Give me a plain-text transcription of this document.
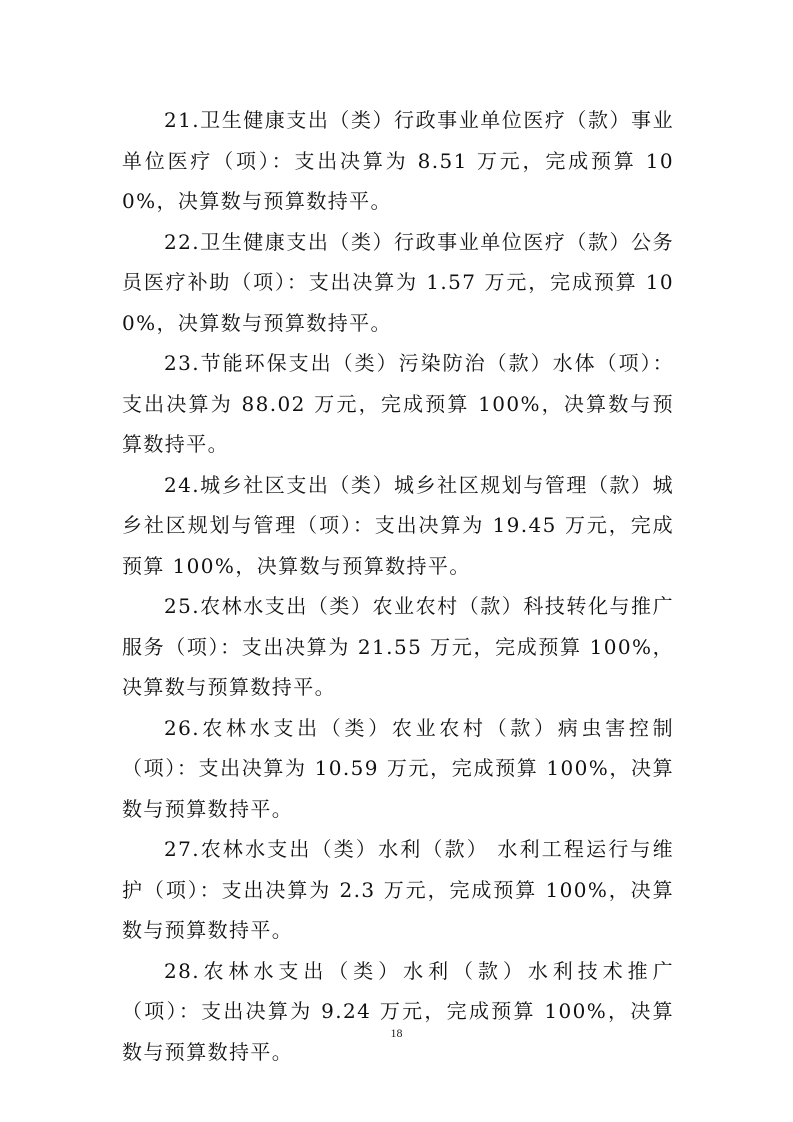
21.卫生健康支出（类）行政事业单位医疗（款）事业单位医疗（项）：支出决算为 8.51 万元，完成预算 100%，决算数与预算数持平。

22.卫生健康支出（类）行政事业单位医疗（款）公务员医疗补助（项）：支出决算为 1.57 万元，完成预算 100%，决算数与预算数持平。

23.节能环保支出（类）污染防治（款）水体（项）：支出决算为 88.02 万元，完成预算 100%，决算数与预算数持平。

24.城乡社区支出（类）城乡社区规划与管理（款）城乡社区规划与管理（项）：支出决算为 19.45 万元，完成预算 100%，决算数与预算数持平。

25.农林水支出（类）农业农村（款）科技转化与推广服务（项）：支出决算为 21.55 万元，完成预算 100%，决算数与预算数持平。

26.农林水支出（类）农业农村（款）病虫害控制（项）：支出决算为 10.59 万元，完成预算 100%，决算数与预算数持平。

27.农林水支出（类）水利（款） 水利工程运行与维护（项）：支出决算为 2.3 万元，完成预算 100%，决算数与预算数持平。

28.农林水支出（类）水利（款）水利技术推广（项）：支出决算为 9.24 万元，完成预算 100%，决算数与预算数持平。

18
